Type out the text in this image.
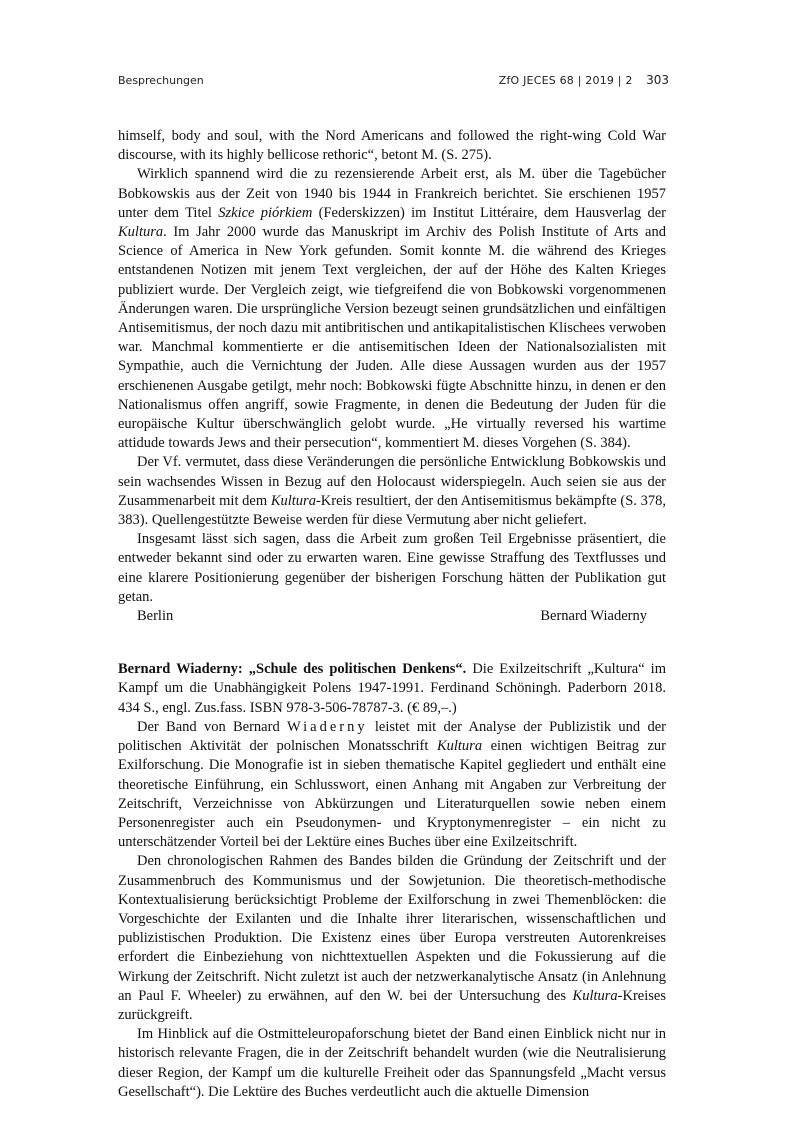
Besprechungen	ZfO JECES 68 | 2019 | 2 303

himself, body and soul, with the Nord Americans and followed the right-wing Cold War discourse, with its highly bellicose rethoric“, betont M. (S. 275).

Wirklich spannend wird die zu rezensierende Arbeit erst, als M. über die Tagebücher Bobkowskis aus der Zeit von 1940 bis 1944 in Frankreich berichtet. Sie erschienen 1957 unter dem Titel Szkice piórkiem (Federskizzen) im Institut Littéraire, dem Hausverlag der Kultura. Im Jahr 2000 wurde das Manuskript im Archiv des Polish Institute of Arts and Science of America in New York gefunden. Somit konnte M. die während des Krieges entstandenen Notizen mit jenem Text vergleichen, der auf der Höhe des Kalten Krieges publiziert wurde. Der Vergleich zeigt, wie tiefgreifend die von Bobkowski vorgenommenen Änderungen waren. Die ursprüngliche Version bezeugt seinen grundsätzlichen und einfältigen Antisemitismus, der noch dazu mit antibritischen und antikapitalistischen Klischees verwoben war. Manchmal kommentierte er die antisemitischen Ideen der Nationalsozialisten mit Sympathie, auch die Vernichtung der Juden. Alle diese Aussagen wurden aus der 1957 erschienenen Ausgabe getilgt, mehr noch: Bobkowski fügte Abschnitte hinzu, in denen er den Nationalismus offen angriff, sowie Fragmente, in denen die Bedeutung der Juden für die europäische Kultur überschwänglich gelobt wurde. „He virtually reversed his wartime attidude towards Jews and their persecution“, kommentiert M. dieses Vorgehen (S. 384).

Der Vf. vermutet, dass diese Veränderungen die persönliche Entwicklung Bobkowskis und sein wachsendes Wissen in Bezug auf den Holocaust widerspiegeln. Auch seien sie aus der Zusammenarbeit mit dem Kultura-Kreis resultiert, der den Antisemitismus bekämpfte (S. 378, 383). Quellengestützte Beweise werden für diese Vermutung aber nicht geliefert.

Insgesamt lässt sich sagen, dass die Arbeit zum großen Teil Ergebnisse präsentiert, die entweder bekannt sind oder zu erwarten waren. Eine gewisse Straffung des Textflusses und eine klarere Positionierung gegenüber der bisherigen Forschung hätten der Publikation gut getan.

Berlin	Bernard Wiaderny

Bernard Wiaderny: „Schule des politischen Denkens“. Die Exilzeitschrift „Kultura“ im Kampf um die Unabhängigkeit Polens 1947-1991. Ferdinand Schöningh. Paderborn 2018. 434 S., engl. Zus.fass. ISBN 978-3-506-78787-3. (€ 89,–.)

Der Band von Bernard Wiaderny leistet mit der Analyse der Publizistik und der politischen Aktivität der polnischen Monatsschrift Kultura einen wichtigen Beitrag zur Exilforschung. Die Monografie ist in sieben thematische Kapitel gegliedert und enthält eine theoretische Einführung, ein Schlusswort, einen Anhang mit Angaben zur Verbreitung der Zeitschrift, Verzeichnisse von Abkürzungen und Literaturquellen sowie neben einem Personenregister auch ein Pseudonymen- und Kryptonymenregister – ein nicht zu unterschätzender Vorteil bei der Lektüre eines Buches über eine Exilzeitschrift.

Den chronologischen Rahmen des Bandes bilden die Gründung der Zeitschrift und der Zusammenbruch des Kommunismus und der Sowjetunion. Die theoretisch-methodische Kontextualisierung berücksichtigt Probleme der Exilforschung in zwei Themenblöcken: die Vorgeschichte der Exilanten und die Inhalte ihrer literarischen, wissenschaftlichen und publizistischen Produktion. Die Existenz eines über Europa verstreuten Autorenkreises erfordert die Einbeziehung von nichttextuellen Aspekten und die Fokussierung auf die Wirkung der Zeitschrift. Nicht zuletzt ist auch der netzwerkanalytische Ansatz (in Anlehnung an Paul F. Wheeler) zu erwähnen, auf den W. bei der Untersuchung des Kultura-Kreises zurückgreift.

Im Hinblick auf die Ostmitteleuropaforschung bietet der Band einen Einblick nicht nur in historisch relevante Fragen, die in der Zeitschrift behandelt wurden (wie die Neutralisierung dieser Region, der Kampf um die kulturelle Freiheit oder das Spannungsfeld „Macht versus Gesellschaft“). Die Lektüre des Buches verdeutlicht auch die aktuelle Dimension
